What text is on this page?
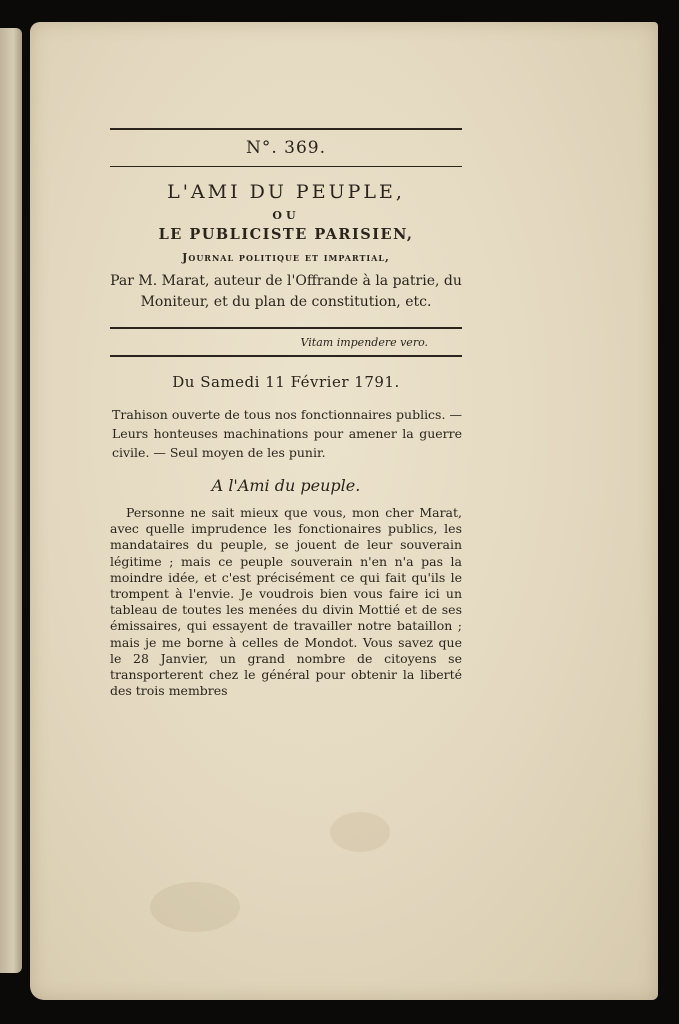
N°. 369.
L'AMI DU PEUPLE,
OU
LE PUBLICISTE PARISIEN,
Journal politique et impartial,
Par M. Marat, auteur de l'Offrande à la patrie, du Moniteur, et du plan de constitution, etc.
Vitam impendere vero.
Du Samedi 11 Février 1791.
Trahison ouverte de tous nos fonctionnaires publics. — Leurs honteuses machinations pour amener la guerre civile. — Seul moyen de les punir.
A l'Ami du peuple.
Personne ne sait mieux que vous, mon cher Marat, avec quelle imprudence les fonctionaires publics, les mandataires du peuple, se jouent de leur souverain légitime ; mais ce peuple souverain n'en n'a pas la moindre idée, et c'est précisément ce qui fait qu'ils le trompent à l'envie. Je voudrois bien vous faire ici un tableau de toutes les menées du divin Mottié et de ses émissaires, qui essayent de travailler notre bataillon ; mais je me borne à celles de Mondot. Vous savez que le 28 Janvier, un grand nombre de citoyens se transporterent chez le général pour obtenir la liberté des trois membres
